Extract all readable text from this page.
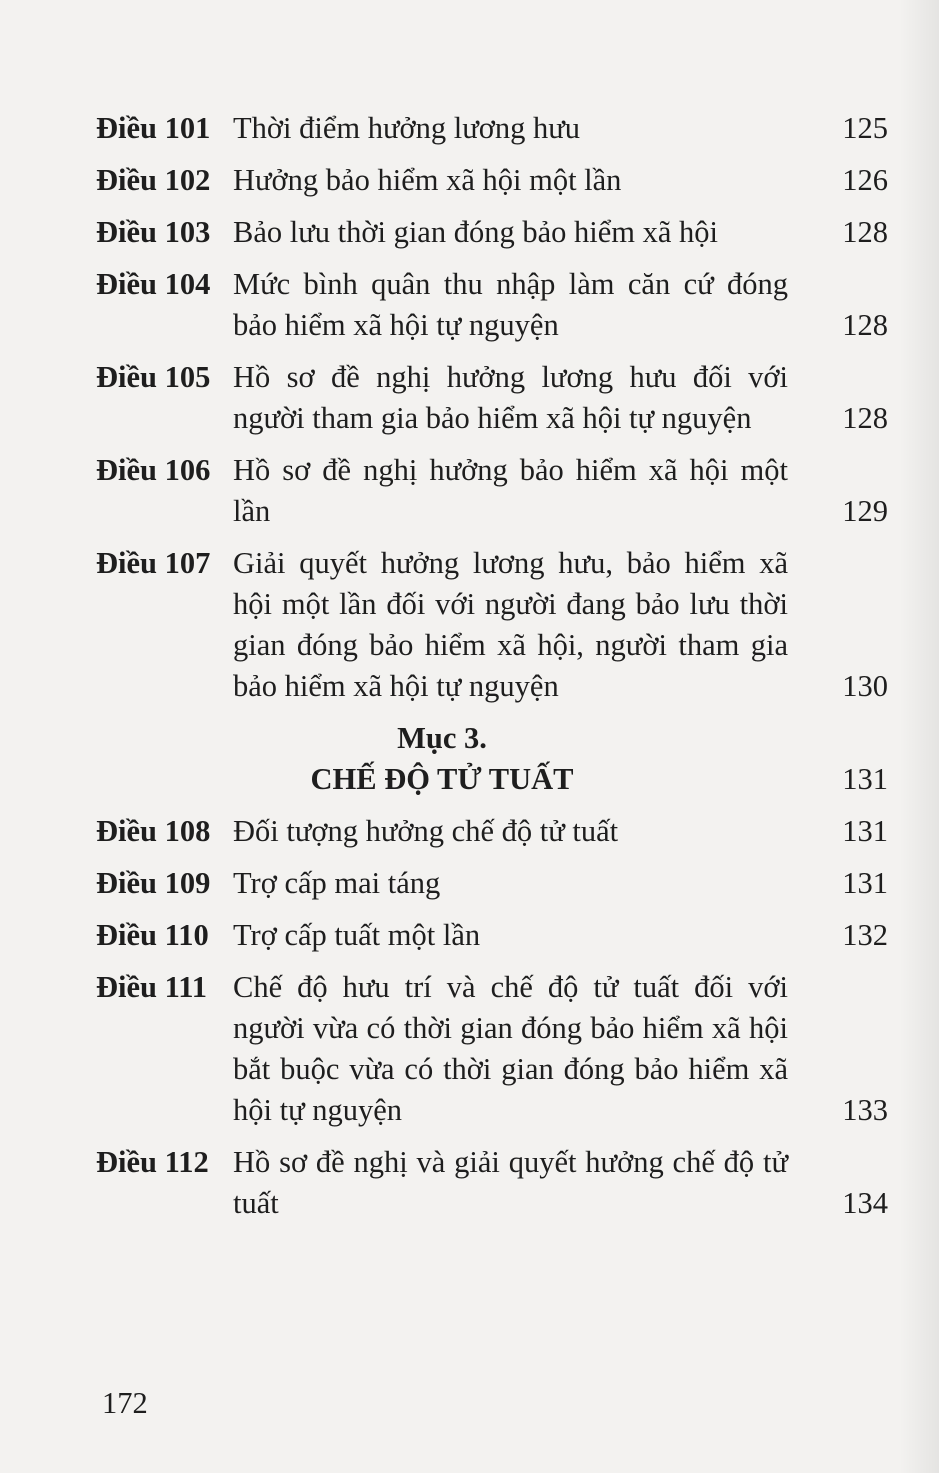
Điều 101 Thời điểm hưởng lương hưu	125
Điều 102 Hưởng bảo hiểm xã hội một lần	126
Điều 103 Bảo lưu thời gian đóng bảo hiểm xã hội	128
Điều 104 Mức bình quân thu nhập làm căn cứ đóng bảo hiểm xã hội tự nguyện	128
Điều 105 Hồ sơ đề nghị hưởng lương hưu đối với người tham gia bảo hiểm xã hội tự nguyện	128
Điều 106 Hồ sơ đề nghị hưởng bảo hiểm xã hội một lần	129
Điều 107 Giải quyết hưởng lương hưu, bảo hiểm xã hội một lần đối với người đang bảo lưu thời gian đóng bảo hiểm xã hội, người tham gia bảo hiểm xã hội tự nguyện	130
Mục 3.
CHẾ ĐỘ TỬ TUẤT	131
Điều 108 Đối tượng hưởng chế độ tử tuất	131
Điều 109 Trợ cấp mai táng	131
Điều 110 Trợ cấp tuất một lần	132
Điều 111 Chế độ hưu trí và chế độ tử tuất đối với người vừa có thời gian đóng bảo hiểm xã hội bắt buộc vừa có thời gian đóng bảo hiểm xã hội tự nguyện	133
Điều 112 Hồ sơ đề nghị và giải quyết hưởng chế độ tử tuất	134
172
